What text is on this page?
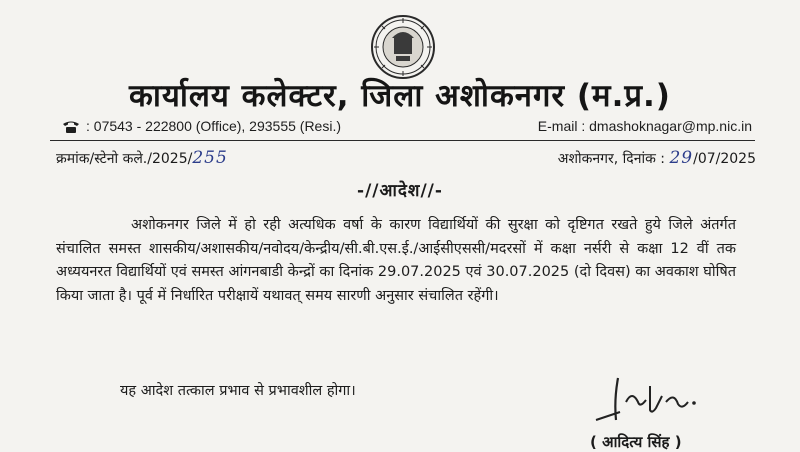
कार्यालय कलेक्टर, जिला अशोकनगर (म.प्र.)
: 07543 - 222800 (Office), 293555 (Resi.)	E-mail : dmashoknagar@mp.nic.in
क्रमांक/स्टेनो कले./2025/255	अशोकनगर, दिनांक : 29/07/2025
-//आदेश//-

अशोकनगर जिले में हो रही अत्यधिक वर्षा के कारण विद्यार्थियों की सुरक्षा को दृष्टिगत रखते हुये जिले अंतर्गत संचालित समस्त शासकीय/अशासकीय/नवोदय/केन्द्रीय/सी.बी.एस.ई./आईसीएससी/मदरसों में कक्षा नर्सरी से कक्षा 12 वीं तक अध्ययनरत विद्यार्थियों एवं समस्त आंगनबाडी केन्द्रों का दिनांक 29.07.2025 एवं 30.07.2025 (दो दिवस) का अवकाश घोषित किया जाता है। पूर्व में निर्धारित परीक्षायें यथावत् समय सारणी अनुसार संचालित रहेंगी।

यह आदेश तत्काल प्रभाव से प्रभावशील होगा।
( आदित्य सिंह )
